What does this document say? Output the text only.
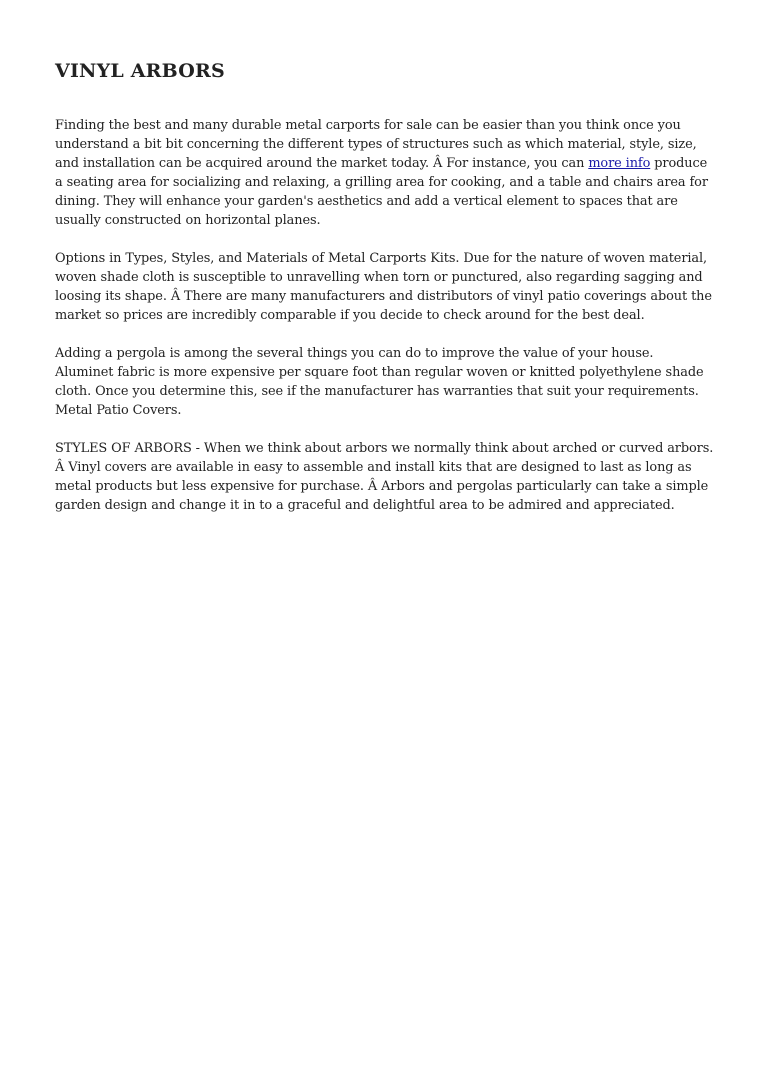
VINYL ARBORS

Finding the best and many durable metal carports for sale can be easier than you think once you understand a bit bit concerning the different types of structures such as which material, style, size, and installation can be acquired around the market today. Â For instance, you can more info produce a seating area for socializing and relaxing, a grilling area for cooking, and a table and chairs area for dining. They will enhance your garden's aesthetics and add a vertical element to spaces that are usually constructed on horizontal planes.

Options in Types, Styles, and Materials of Metal Carports Kits. Due for the nature of woven material, woven shade cloth is susceptible to unravelling when torn or punctured, also regarding sagging and loosing its shape. Â There are many manufacturers and distributors of vinyl patio coverings about the market so prices are incredibly comparable if you decide to check around for the best deal.

Adding a pergola is among the several things you can do to improve the value of your house. Aluminet fabric is more expensive per square foot than regular woven or knitted polyethylene shade cloth. Once you determine this, see if the manufacturer has warranties that suit your requirements. Metal Patio Covers.

STYLES OF ARBORS - When we think about arbors we normally think about arched or curved arbors. Â Vinyl covers are available in easy to assemble and install kits that are designed to last as long as metal products but less expensive for purchase. Â Arbors and pergolas particularly can take a simple garden design and change it in to a graceful and delightful area to be admired and appreciated.
